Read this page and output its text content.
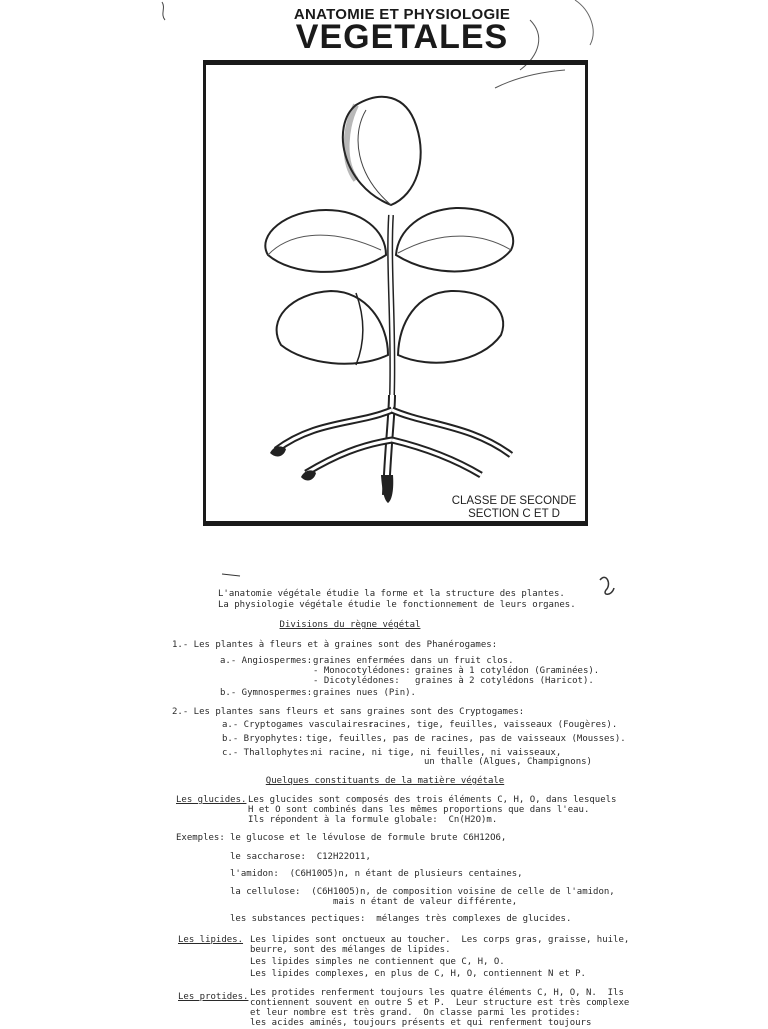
ANATOMIE ET PHYSIOLOGIE
VEGETALES
CLASSE DE SECONDE
SECTION C ET D
L'anatomie végétale étudie la forme et la structure des plantes.
La physiologie végétale étudie le fonctionnement de leurs organes.
Divisions du règne végétal
1.- Les plantes à fleurs et à graines sont des Phanérogames:
a.- Angiospermes: graines enfermées dans un fruit clos.
- Monocotylédones: graines à 1 cotylédon (Graminées).
- Dicotylédones: graines à 2 cotylédons (Haricot).
b.- Gymnospermes: graines nues (Pin).
2.- Les plantes sans fleurs et sans graines sont des Cryptogames:
a.- Cryptogames vasculaires:
racines, tige, feuilles, vaisseaux (Fougères).
b.- Bryophytes: tige, feuilles, pas de racines, pas de vaisseaux (Mousses).
c.- Thallophytes:
ni racine, ni tige, ni feuilles, ni vaisseaux,
un thalle (Algues, Champignons)
Quelques constituants de la matière végétale
Les glucides. Les glucides sont composés des trois éléments C, H, O, dans lesquels
H et O sont combinés dans les mêmes proportions que dans l'eau.
Ils répondent à la formule globale:  Cn(H2O)m.
Exemples: le glucose et le lévulose de formule brute C6H12O6,
le saccharose:  C12H22O11,
l'amidon:  (C6H10O5)n, n étant de plusieurs centaines,
la cellulose:  (C6H10O5)n, de composition voisine de celle de l'amidon,
mais n étant de valeur différente,
les substances pectiques:  mélanges très complexes de glucides.
Les lipides. Les lipides sont onctueux au toucher.  Les corps gras, graisse, huile,
beurre, sont des mélanges de lipides.
Les lipides simples ne contiennent que C, H, O.
Les lipides complexes, en plus de C, H, O, contiennent N et P.
Les protides. Les protides renferment toujours les quatre éléments C, H, O, N.  Ils
contiennent souvent en outre S et P.  Leur structure est très complexe
et leur nombre est très grand.  On classe parmi les protides:
les acides aminés, toujours présents et qui renferment toujours
